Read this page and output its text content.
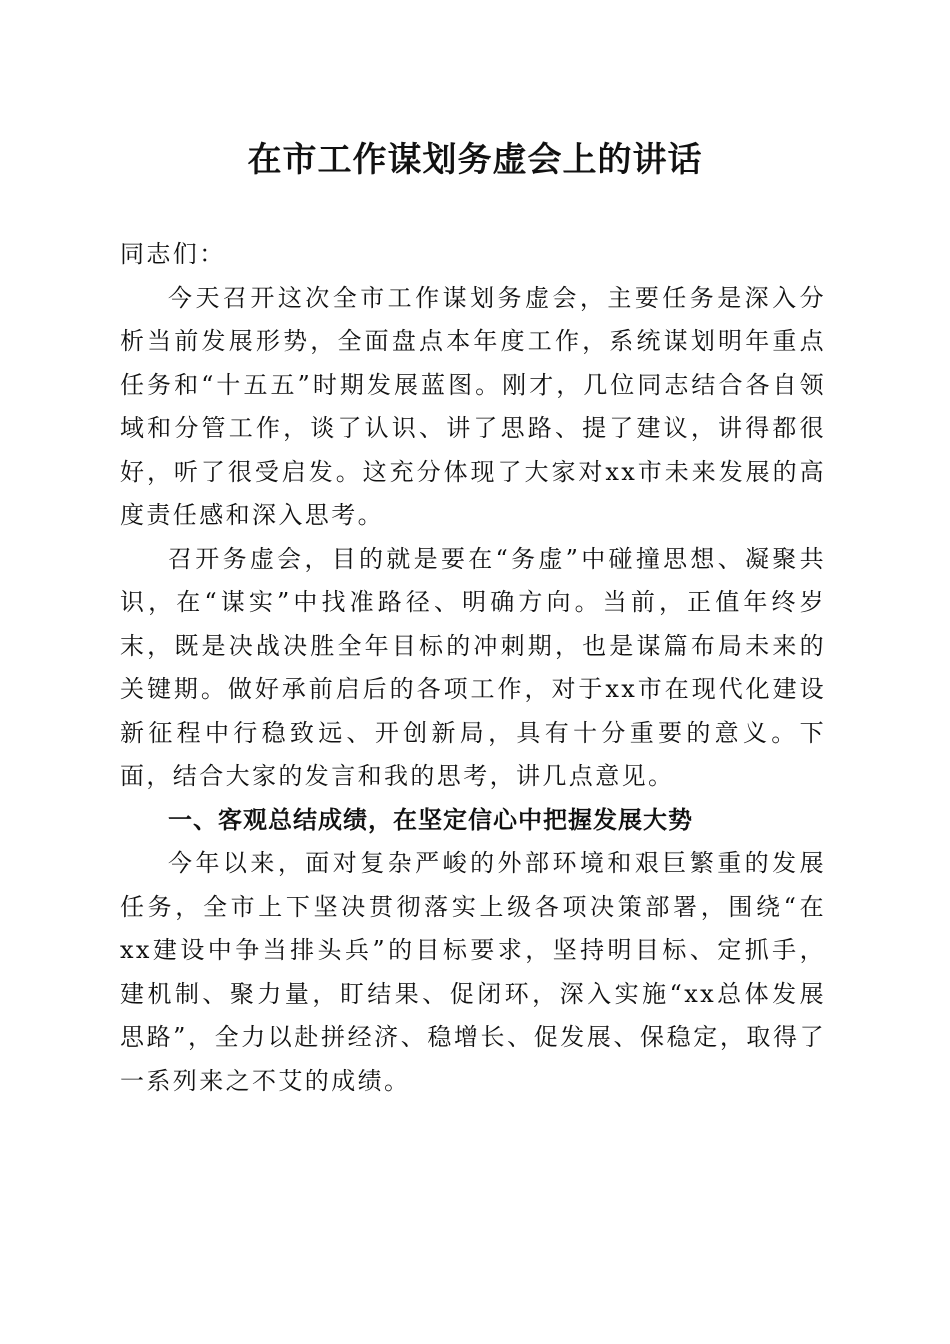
在市工作谋划务虚会上的讲话

同志们：

今天召开这次全市工作谋划务虚会，主要任务是深入分析当前发展形势，全面盘点本年度工作，系统谋划明年重点任务和“十五五”时期发展蓝图。刚才，几位同志结合各自领域和分管工作，谈了认识、讲了思路、提了建议，讲得都很好，听了很受启发。这充分体现了大家对xx市未来发展的高度责任感和深入思考。

召开务虚会，目的就是要在“务虚”中碰撞思想、凝聚共识，在“谋实”中找准路径、明确方向。当前，正值年终岁末，既是决战决胜全年目标的冲刺期，也是谋篇布局未来的关键期。做好承前启后的各项工作，对于xx市在现代化建设新征程中行稳致远、开创新局，具有十分重要的意义。下面，结合大家的发言和我的思考，讲几点意见。

一、客观总结成绩，在坚定信心中把握发展大势

今年以来，面对复杂严峻的外部环境和艰巨繁重的发展任务，全市上下坚决贯彻落实上级各项决策部署，围绕“在xx建设中争当排头兵”的目标要求，坚持明目标、定抓手，建机制、聚力量，盯结果、促闭环，深入实施“xx总体发展思路”，全力以赴拼经济、稳增长、促发展、保稳定，取得了一系列来之不艾的成绩。
